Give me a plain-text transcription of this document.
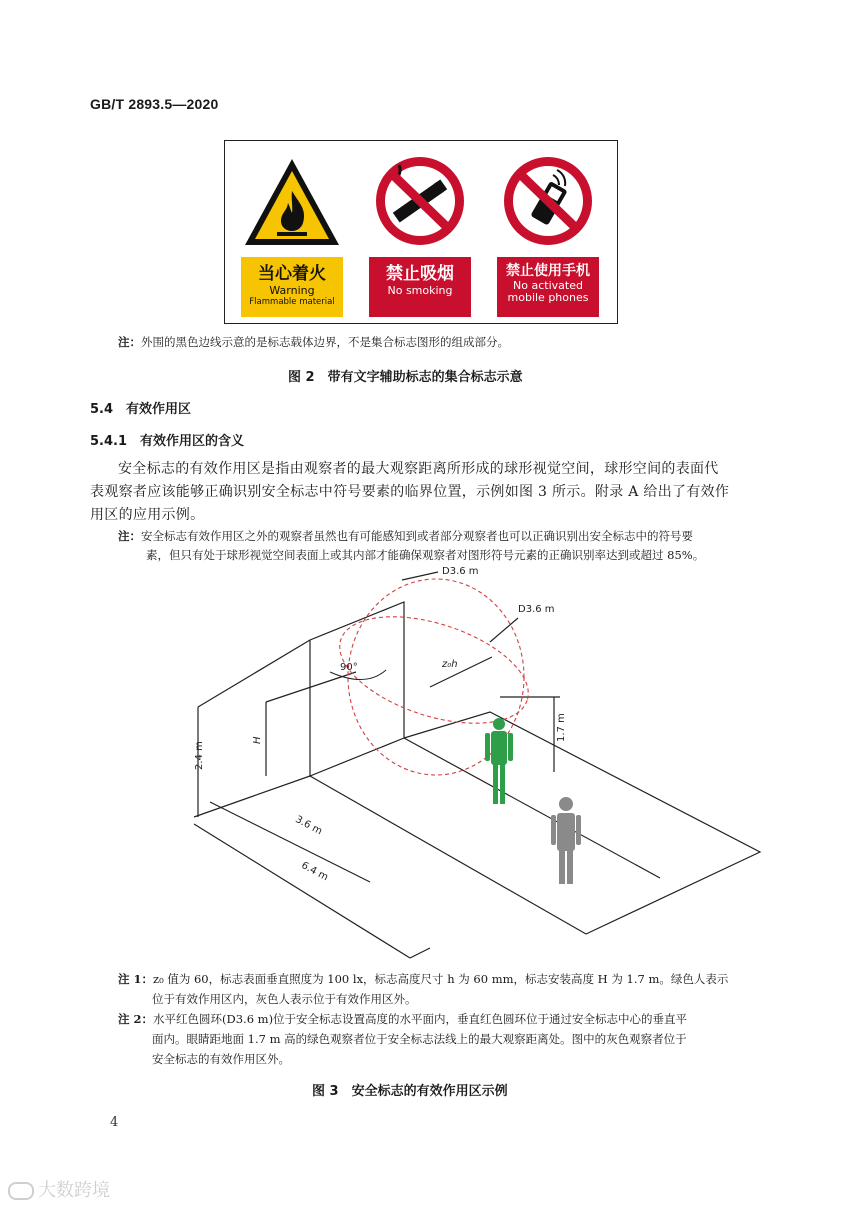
GB/T 2893.5—2020
当心着火
Warning
Flammable material
禁止吸烟
No smoking
禁止使用手机
No activated
mobile phones
注：外围的黑色边线示意的是标志载体边界，不是集合标志图形的组成部分。
图 2　带有文字辅助标志的集合标志示意
5.4　有效作用区
5.4.1　有效作用区的含义
安全标志的有效作用区是指由观察者的最大观察距离所形成的球形视觉空间，球形空间的表面代
表观察者应该能够正确识别安全标志中符号要素的临界位置，示例如图 3 所示。附录 A 给出了有效作
用区的应用示例。
注：安全标志有效作用区之外的观察者虽然也有可能感知到或者部分观察者也可以正确识别出安全标志中的符号要
素，但只有处于球形视觉空间表面上或其内部才能确保观察者对图形符号元素的正确识别率达到或超过 85%。
D3.6 m
D3.6 m
90°	z₀h
H
2.4 m
1.7 m
3.6 m
6.4 m
注 1：z₀ 值为 60，标志表面垂直照度为 100 lx，标志高度尺寸 h 为 60 mm，标志安装高度 H 为 1.7 m。绿色人表示
位于有效作用区内，灰色人表示位于有效作用区外。
注 2：水平红色圆环(D3.6 m)位于安全标志设置高度的水平面内，垂直红色圆环位于通过安全标志中心的垂直平
面内。眼睛距地面 1.7 m 高的绿色观察者位于安全标志法线上的最大观察距离处。图中的灰色观察者位于
安全标志的有效作用区外。
图 3　安全标志的有效作用区示例
4
大数跨境
